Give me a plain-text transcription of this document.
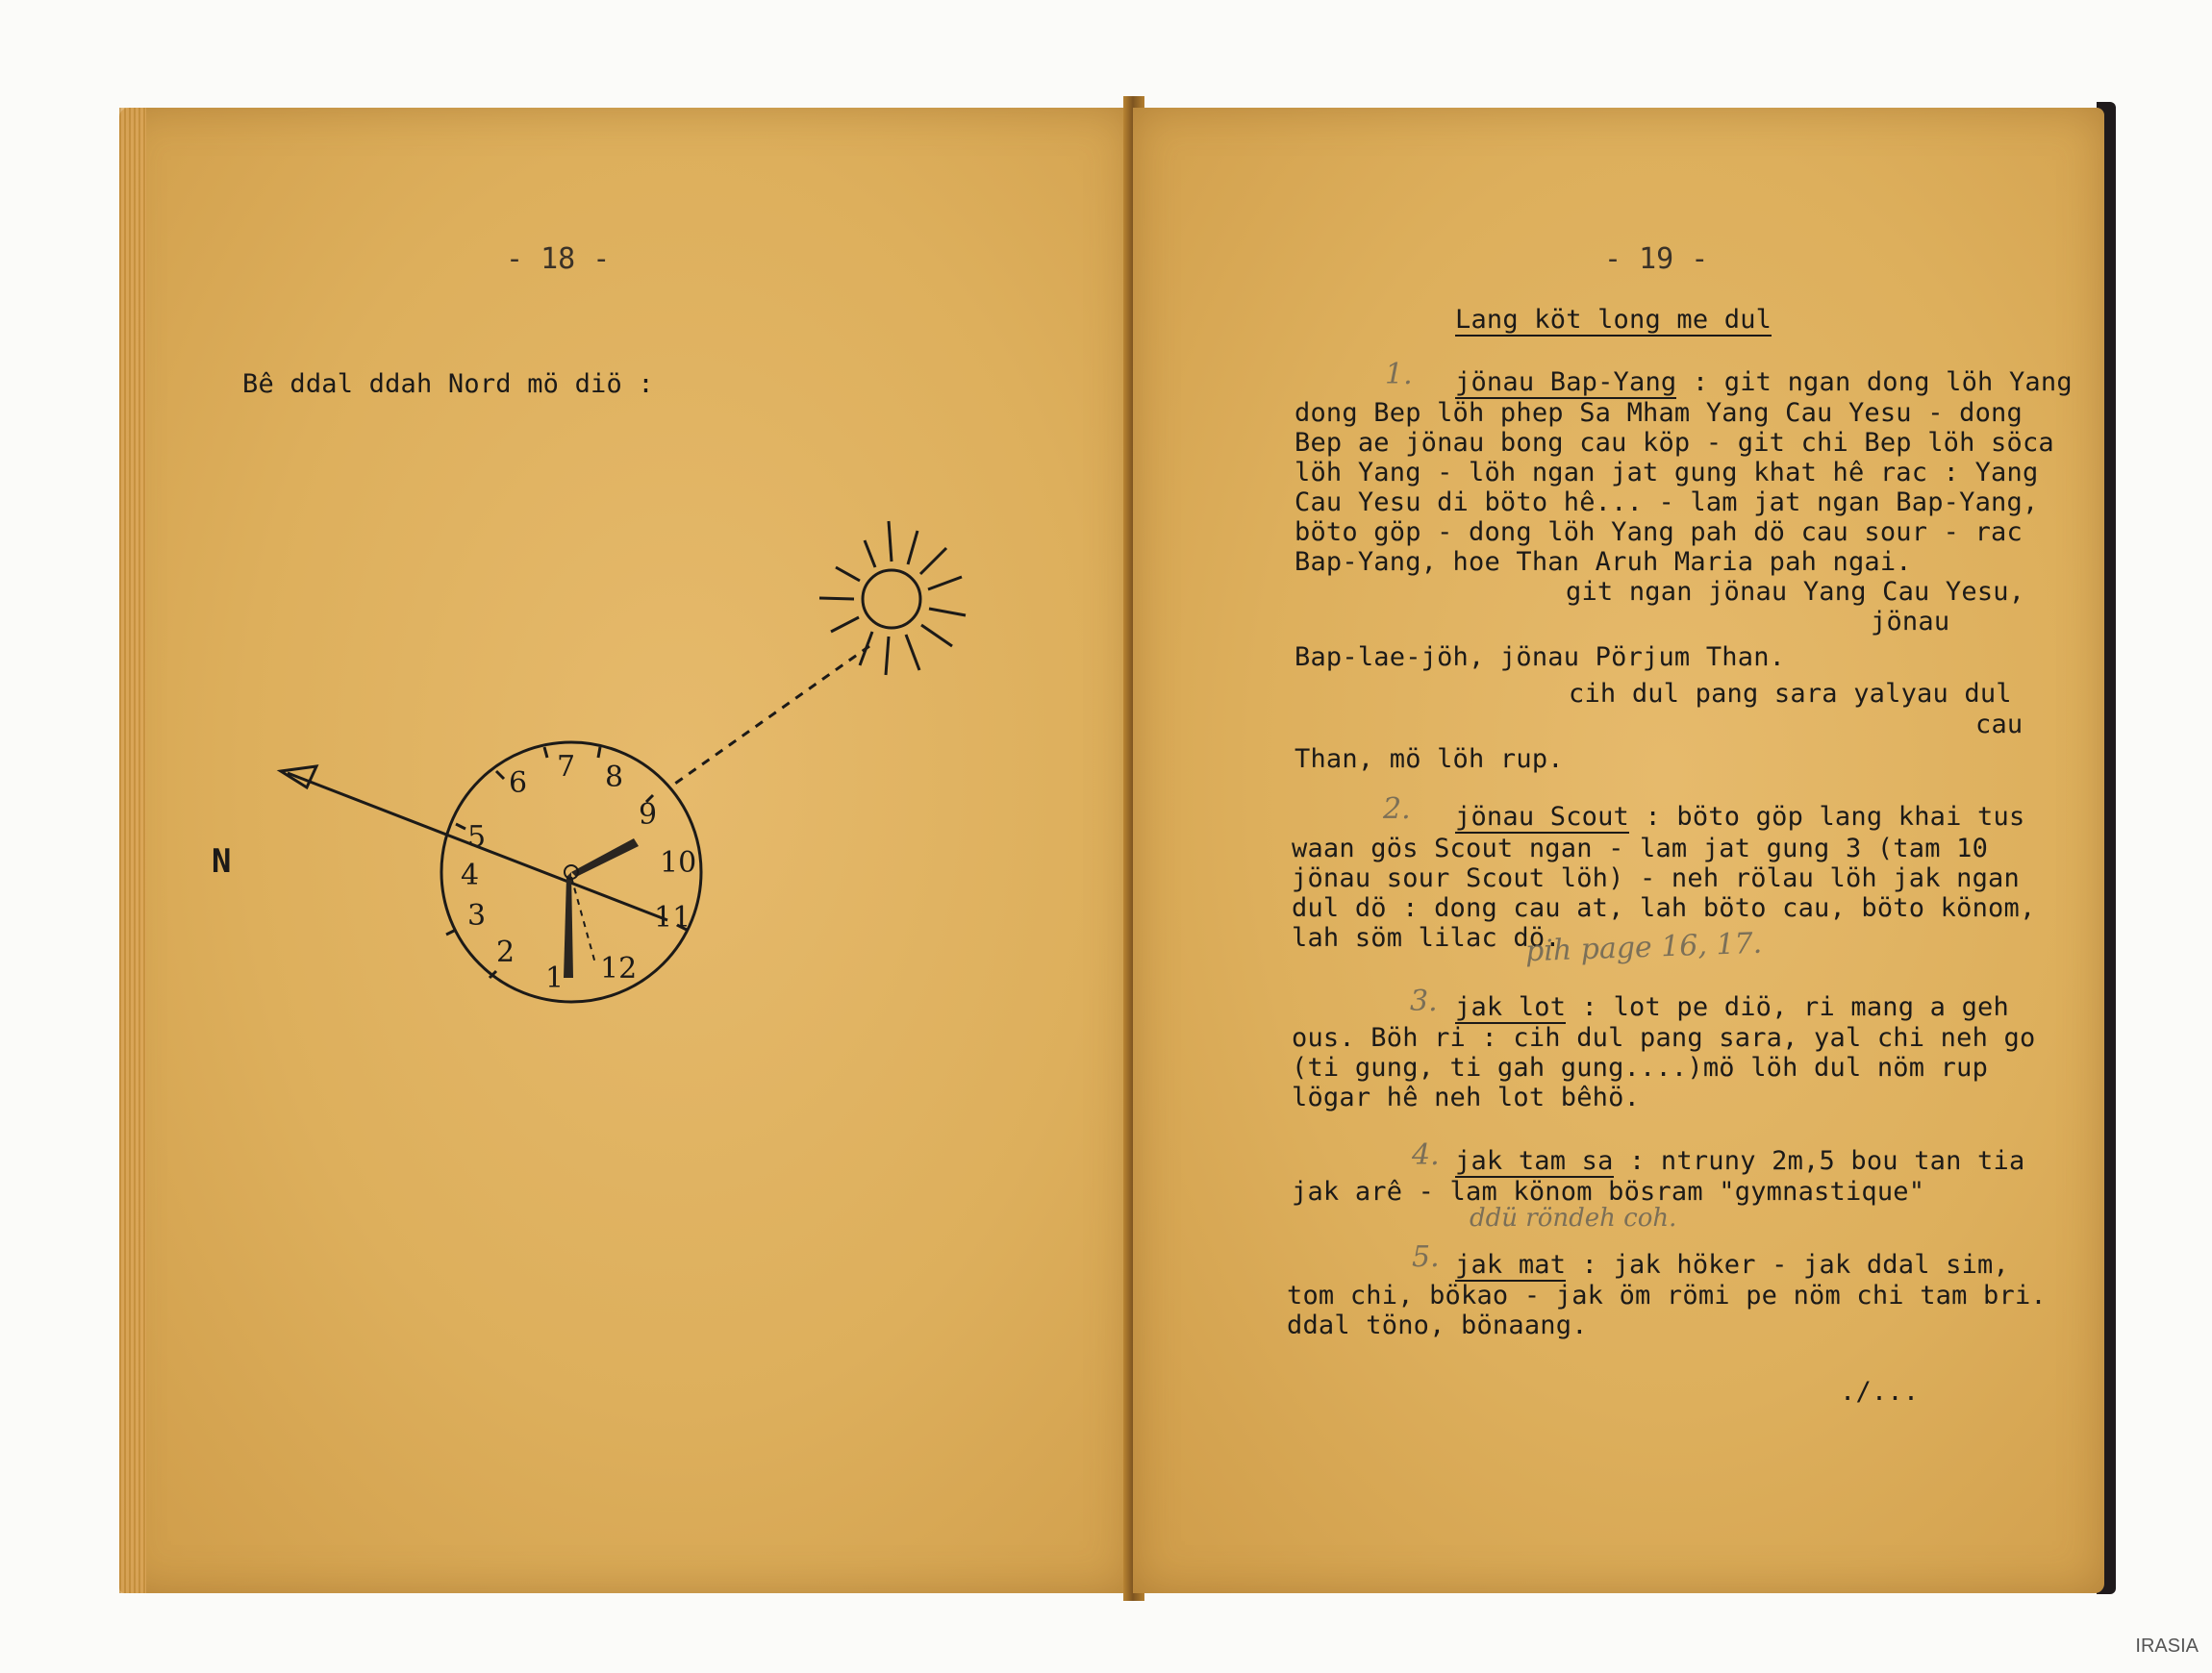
- 18 -
Bê ddal ddah Nord mö diö :
1
2
3
4
5
6 7 8
9
10
11
12
N
- 19 -
Lang köt long me dul
1. jönau Bap-Yang : git ngan dong löh Yang
dong Bep löh phep Sa Mham Yang Cau Yesu - dong
Bep ae jönau bong cau köp - git chi Bep löh söca
löh Yang - löh ngan jat gung khat hê rac : Yang
Cau Yesu di böto hê... - lam jat ngan Bap-Yang,
böto göp - dong löh Yang pah dö cau sour - rac
Bap-Yang, hoe Than Aruh Maria pah ngai.
git ngan jönau Yang Cau Yesu,
jönau
Bap-lae-jöh, jönau Pörjum Than.
cih dul pang sara yalyau dul
cau
Than, mö löh rup.
2. jönau Scout : böto göp lang khai tus
waan gös Scout ngan - lam jat gung 3 (tam 10
jönau sour Scout löh) - neh rölau löh jak ngan
dul dö : dong cau at, lah böto cau, böto könom,
lah söm lilac dö.
pih page 16, 17.
3. jak lot : lot pe diö, ri mang a geh
ous. Böh ri : cih dul pang sara, yal chi neh go
(ti gung, ti gah gung....)mö löh dul nöm rup
lögar hê neh lot bêhö.
4. jak tam sa : ntruny 2m,5 bou tan tia
jak arê - lam könom bösram "gymnastique"
ddü röndeh coh.
5. jak mat : jak höker - jak ddal sim,
tom chi, bökao - jak öm römi pe nöm chi tam bri.
ddal töno, bönaang.
./...
IRASIA
